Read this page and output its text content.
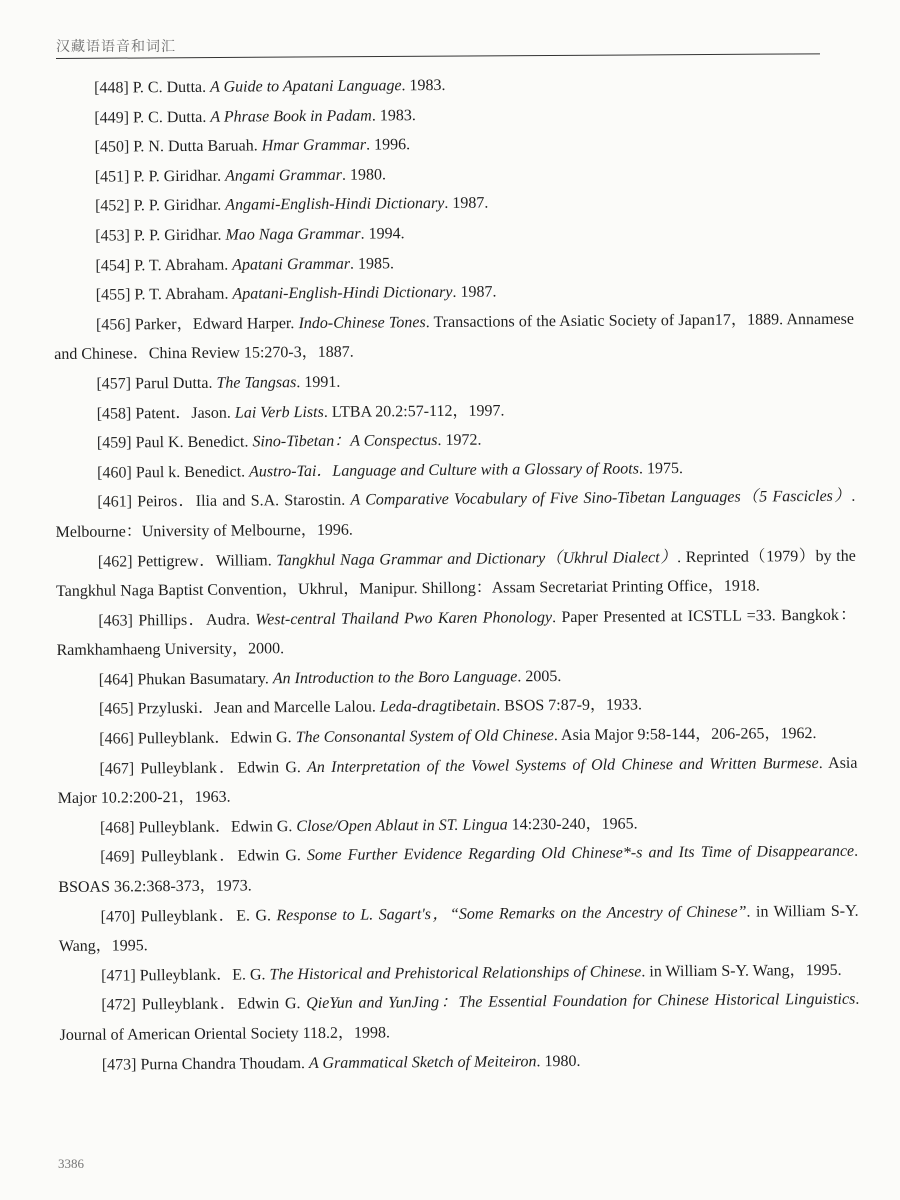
汉藏语语音和词汇

[448] P. C. Dutta. A Guide to Apatani Language. 1983.

[449] P. C. Dutta. A Phrase Book in Padam. 1983.

[450] P. N. Dutta Baruah. Hmar Grammar. 1996.

[451] P. P. Giridhar. Angami Grammar. 1980.

[452] P. P. Giridhar. Angami-English-Hindi Dictionary. 1987.

[453] P. P. Giridhar. Mao Naga Grammar. 1994.

[454] P. T. Abraham. Apatani Grammar. 1985.

[455] P. T. Abraham. Apatani-English-Hindi Dictionary. 1987.

[456] Parker，Edward Harper. Indo-Chinese Tones. Transactions of the Asiatic Society of Japan17，1889. Annamese and Chinese．China Review 15:270-3，1887.

[457] Parul Dutta. The Tangsas. 1991.

[458] Patent．Jason. Lai Verb Lists. LTBA 20.2:57-112，1997.

[459] Paul K. Benedict. Sino-Tibetan：A Conspectus. 1972.

[460] Paul k. Benedict. Austro-Tai．Language and Culture with a Glossary of Roots. 1975.

[461] Peiros．Ilia and S.A. Starostin. A Comparative Vocabulary of Five Sino-Tibetan Languages（5 Fascicles）. Melbourne：University of Melbourne，1996.

[462] Pettigrew．William. Tangkhul Naga Grammar and Dictionary（Ukhrul Dialect）. Reprinted（1979）by the Tangkhul Naga Baptist Convention，Ukhrul，Manipur. Shillong：Assam Secretariat Printing Office，1918.

[463] Phillips．Audra. West-central Thailand Pwo Karen Phonology. Paper Presented at ICSTLL =33. Bangkok：Ramkhamhaeng University，2000.

[464] Phukan Basumatary. An Introduction to the Boro Language. 2005.

[465] Przyluski．Jean and Marcelle Lalou. Leda-dragtibetain. BSOS 7:87-9，1933.

[466] Pulleyblank．Edwin G. The Consonantal System of Old Chinese. Asia Major 9:58-144，206-265，1962.

[467] Pulleyblank．Edwin G. An Interpretation of the Vowel Systems of Old Chinese and Written Burmese. Asia Major 10.2:200-21，1963.

[468] Pulleyblank．Edwin G. Close/Open Ablaut in ST. Lingua 14:230-240，1965.

[469] Pulleyblank．Edwin G. Some Further Evidence Regarding Old Chinese*-s and Its Time of Disappearance. BSOAS 36.2:368-373，1973.

[470] Pulleyblank．E. G. Response to L. Sagart's，“Some Remarks on the Ancestry of Chinese”. in William S-Y. Wang，1995.

[471] Pulleyblank．E. G. The Historical and Prehistorical Relationships of Chinese. in William S-Y. Wang，1995.

[472] Pulleyblank．Edwin G. QieYun and YunJing：The Essential Foundation for Chinese Historical Linguistics. Journal of American Oriental Society 118.2，1998.

[473] Purna Chandra Thoudam. A Grammatical Sketch of Meiteiron. 1980.

3386
